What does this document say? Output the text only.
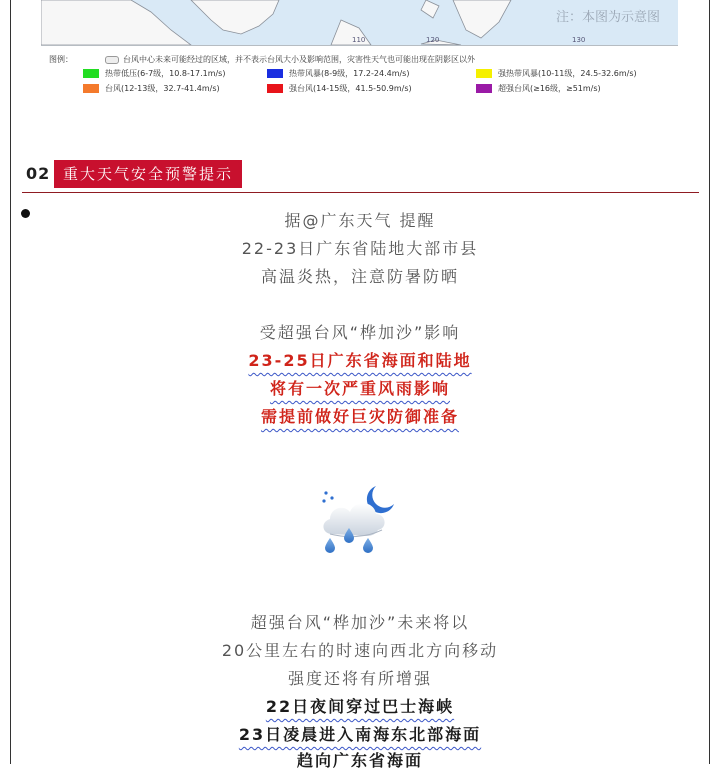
110	120	130
注：本图为示意图
图例：	台风中心未来可能经过的区域，并不表示台风大小及影响范围，灾害性天气也可能出现在阴影区以外
热带低压(6-7级，10.8-17.1m/s)	热带风暴(8-9级，17.2-24.4m/s)	强热带风暴(10-11级，24.5-32.6m/s)
台风(12-13级，32.7-41.4m/s)	强台风(14-15级，41.5-50.9m/s)	超强台风(≥16级，≥51m/s)
02 重大天气安全预警提示
据@广东天气 提醒
22-23日广东省陆地大部市县
高温炎热，注意防暑防晒
受超强台风“桦加沙”影响
23-25日广东省海面和陆地
将有一次严重风雨影响
需提前做好巨灾防御准备
超强台风“桦加沙”未来将以
20公里左右的时速向西北方向移动
强度还将有所增强
22日夜间穿过巴士海峡
23日凌晨进入南海东北部海面
趋向广东省海面
